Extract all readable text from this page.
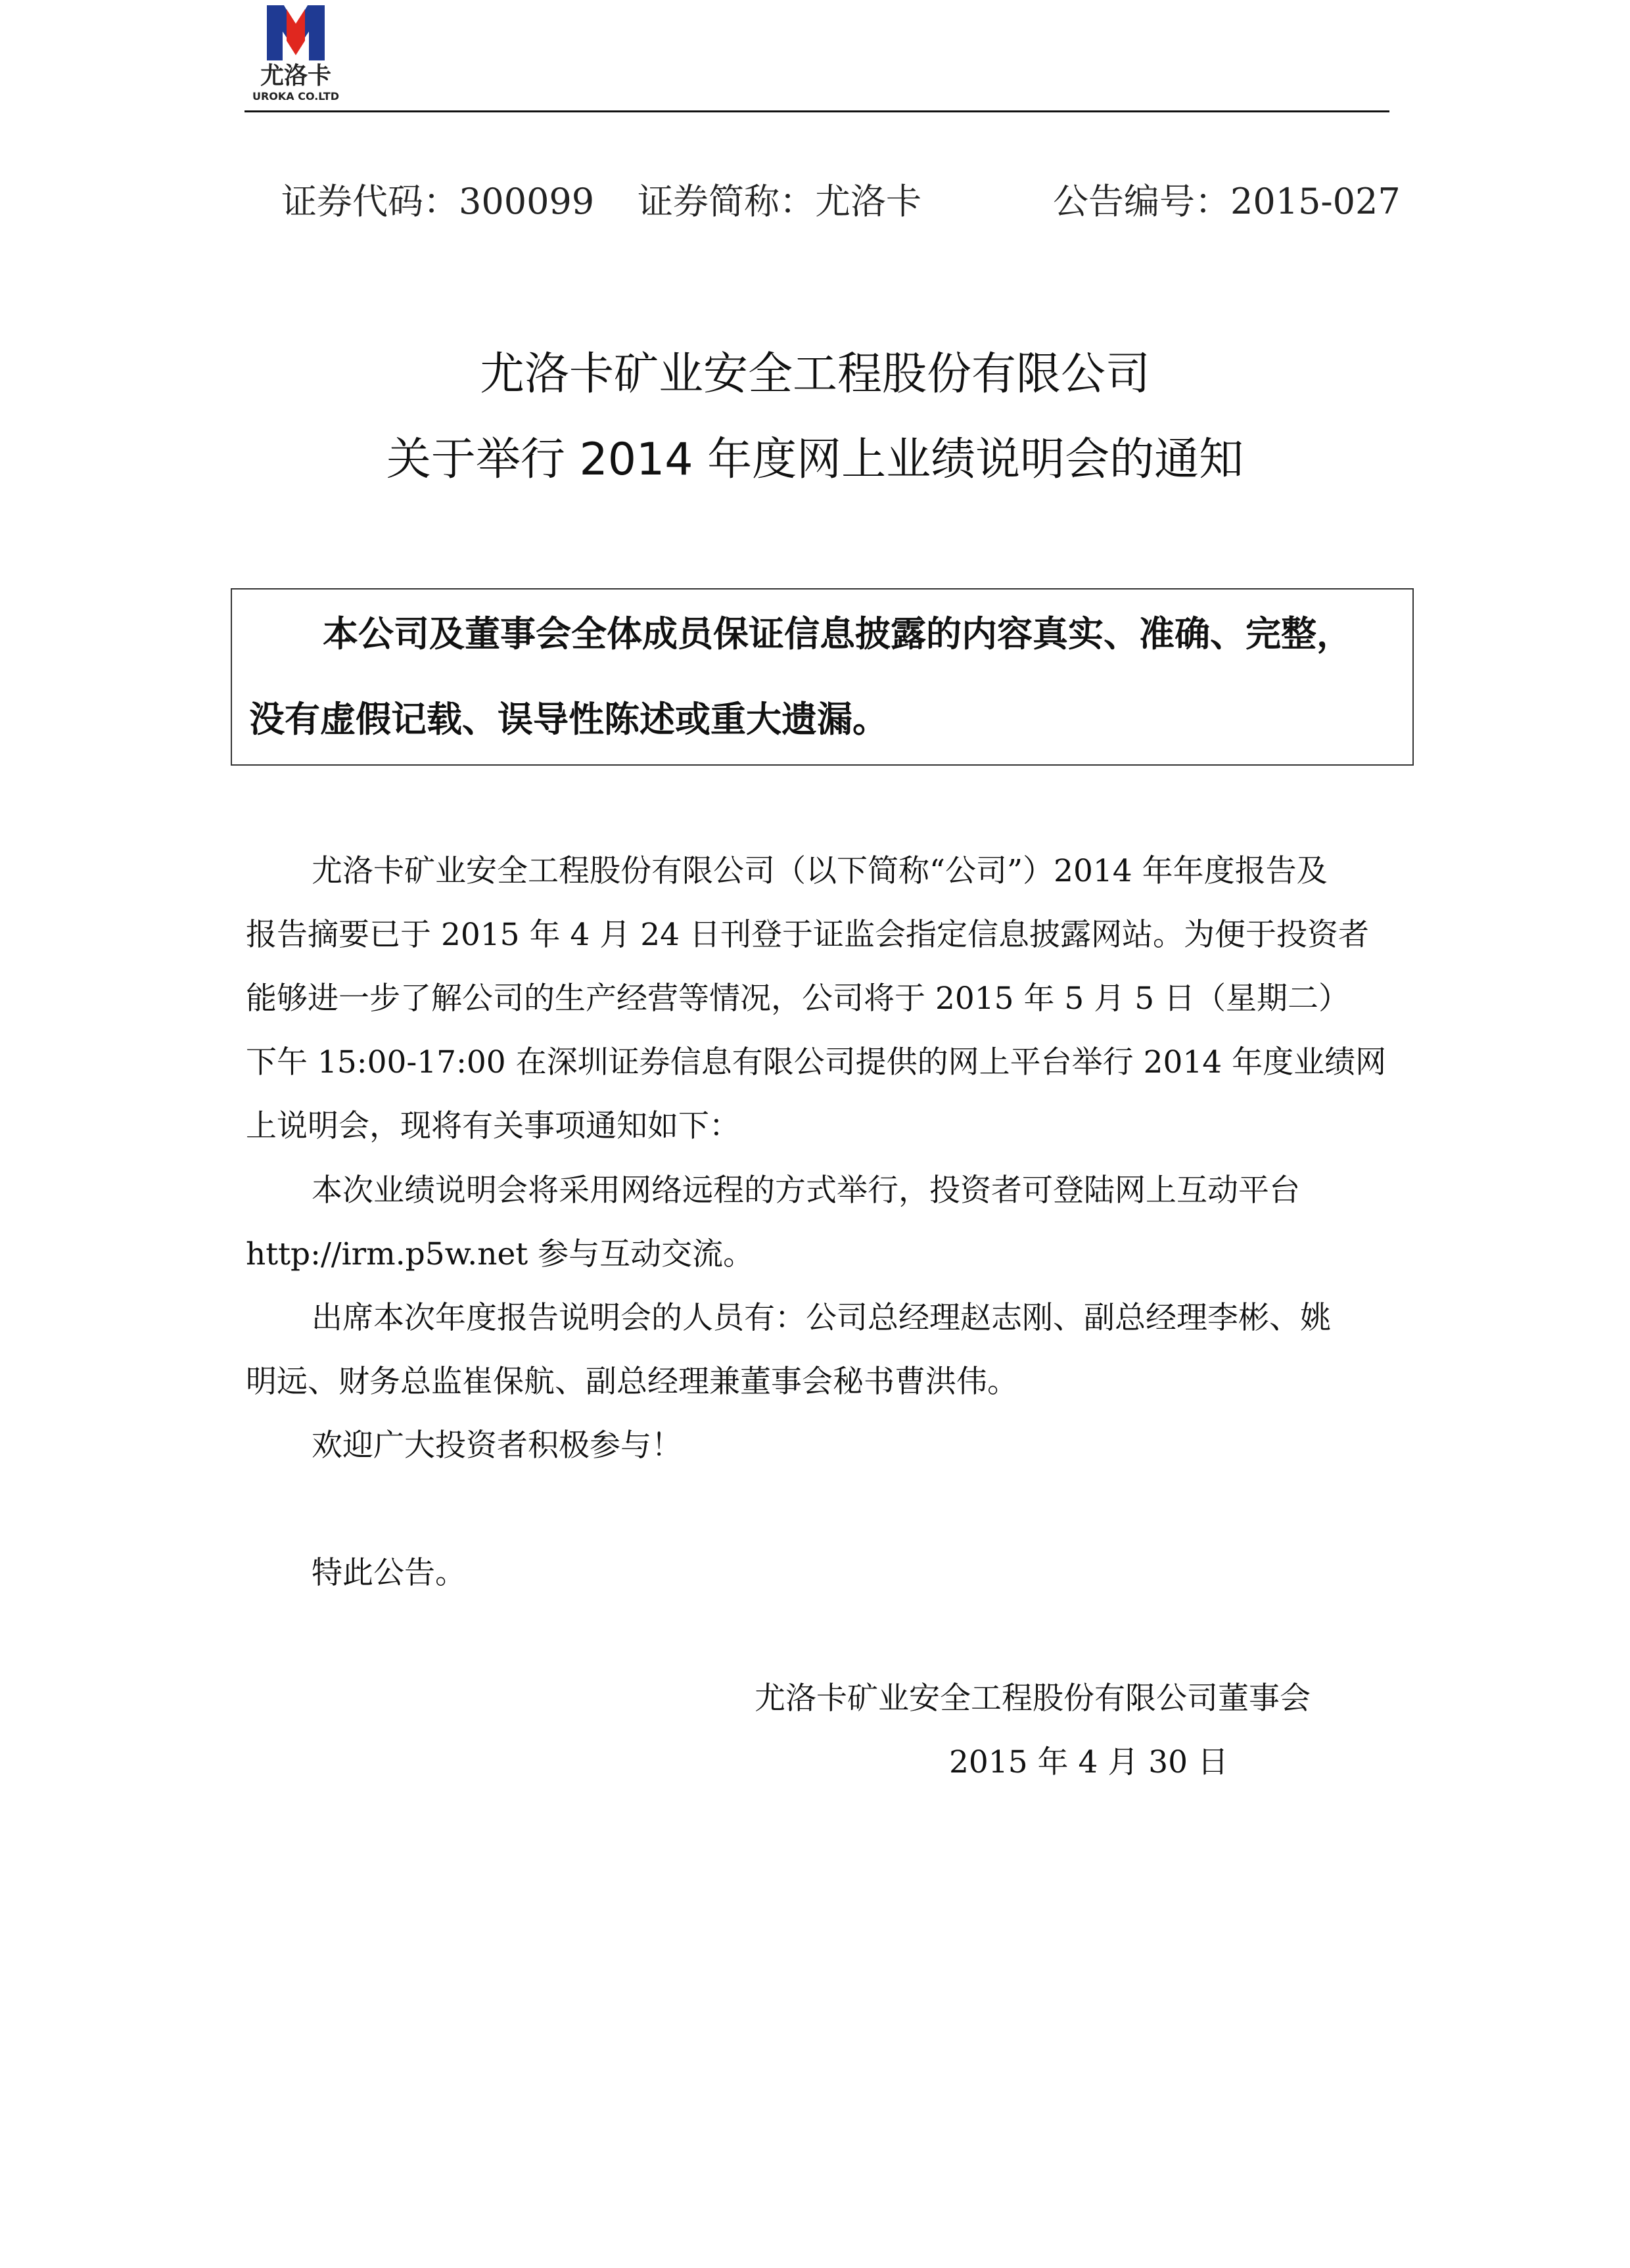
尤洛卡
UROKA CO.LTD
证券代码：300099 证券简称：尤洛卡	公告编号：2015-027
尤洛卡矿业安全工程股份有限公司
关于举行 2014 年度网上业绩说明会的通知
本公司及董事会全体成员保证信息披露的内容真实、准确、完整，
没有虚假记载、误导性陈述或重大遗漏。
尤洛卡矿业安全工程股份有限公司（以下简称“公司”）2014 年年度报告及
报告摘要已于 2015 年 4 月 24 日刊登于证监会指定信息披露网站。为便于投资者
能够进一步了解公司的生产经营等情况，公司将于 2015 年 5 月 5 日（星期二）
下午 15:00-17:00 在深圳证券信息有限公司提供的网上平台举行 2014 年度业绩网
上说明会，现将有关事项通知如下：
本次业绩说明会将采用网络远程的方式举行，投资者可登陆网上互动平台
http://irm.p5w.net 参与互动交流。
出席本次年度报告说明会的人员有：公司总经理赵志刚、副总经理李彬、姚
明远、财务总监崔保航、副总经理兼董事会秘书曹洪伟。
欢迎广大投资者积极参与！
特此公告。
尤洛卡矿业安全工程股份有限公司董事会
2015 年 4 月 30 日
